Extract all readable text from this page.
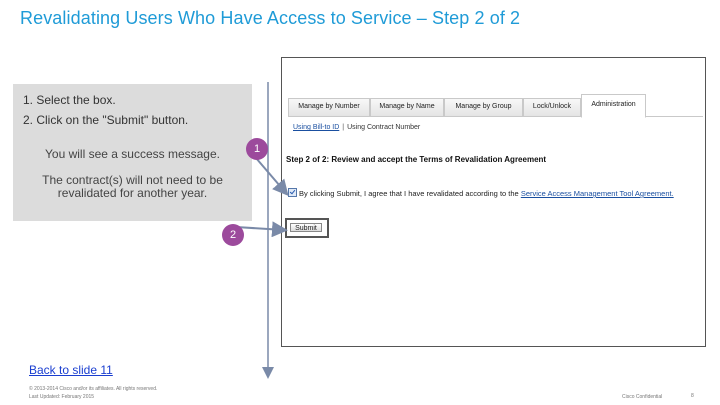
Revalidating Users Who Have Access to Service – Step 2 of 2
1. Select the box.
2. Click on the "Submit" button.
You will see a success message.
The contract(s) will not need to be revalidated for another year.
Manage by Number	Manage by Name	Manage by Group	Lock/Unlock	Administration
Using Bill-to ID | Using Contract Number
Step 2 of 2: Review and accept the Terms of Revalidation Agreement
By clicking Submit, I agree that I have revalidated according to the Service Access Management Tool Agreement.
Submit
1
2
Back to slide 11
© 2013-2014 Cisco and/or its affiliates. All rights reserved.
Last Updated: February 2015	Cisco Confidential	8
